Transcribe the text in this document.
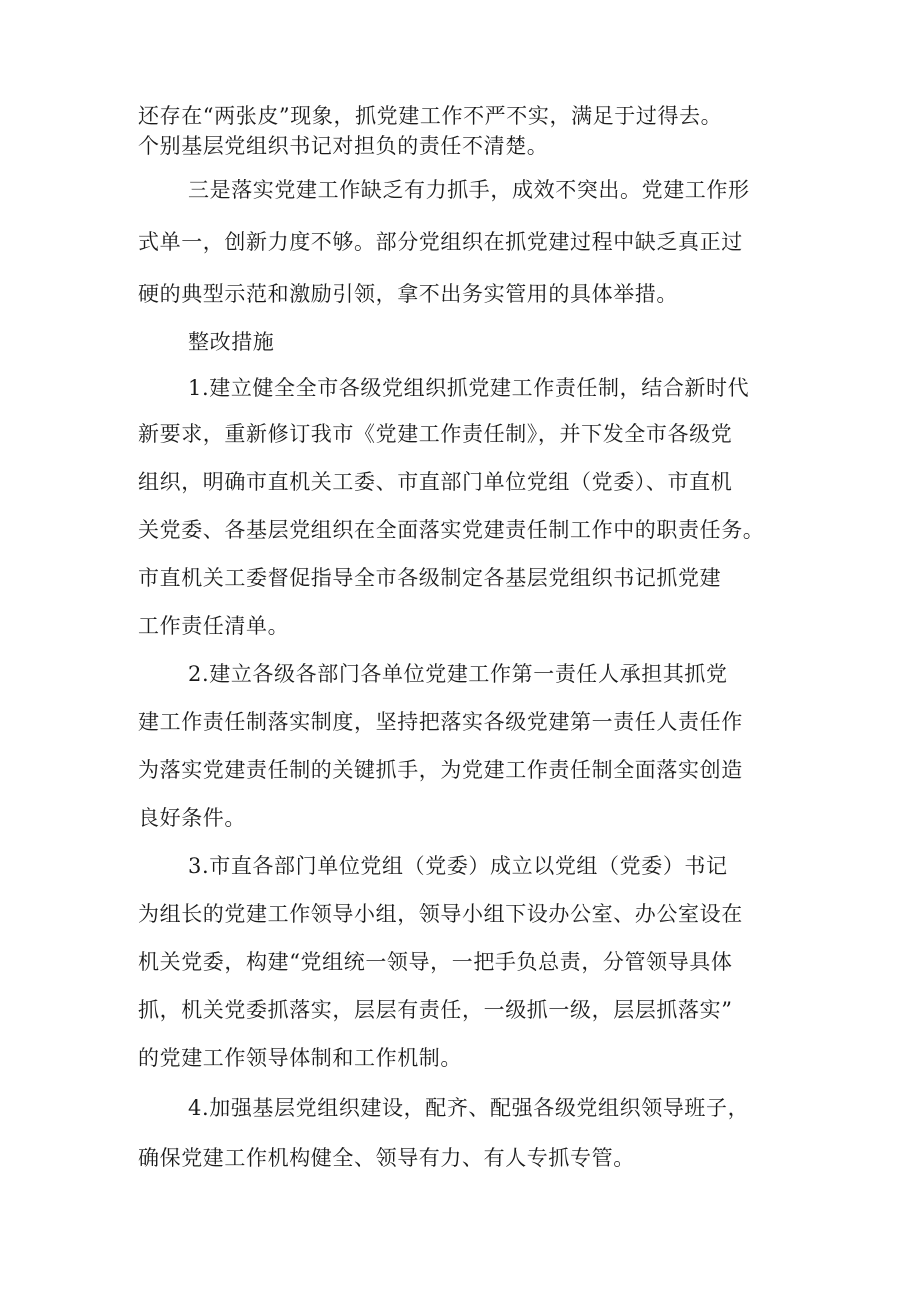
还存在“两张皮”现象，抓党建工作不严不实，满足于过得去。
个别基层党组织书记对担负的责任不清楚。
三是落实党建工作缺乏有力抓手，成效不突出。党建工作形
式单一，创新力度不够。部分党组织在抓党建过程中缺乏真正过
硬的典型示范和激励引领，拿不出务实管用的具体举措。
整改措施
1.建立健全全市各级党组织抓党建工作责任制，结合新时代
新要求，重新修订我市《党建工作责任制》，并下发全市各级党
组织，明确市直机关工委、市直部门单位党组（党委）、市直机
关党委、各基层党组织在全面落实党建责任制工作中的职责任务。
市直机关工委督促指导全市各级制定各基层党组织书记抓党建
工作责任清单。
2.建立各级各部门各单位党建工作第一责任人承担其抓党
建工作责任制落实制度，坚持把落实各级党建第一责任人责任作
为落实党建责任制的关键抓手，为党建工作责任制全面落实创造
良好条件。
3.市直各部门单位党组（党委）成立以党组（党委）书记
为组长的党建工作领导小组，领导小组下设办公室、办公室设在
机关党委，构建“党组统一领导，一把手负总责，分管领导具体
抓，机关党委抓落实，层层有责任，一级抓一级，层层抓落实”
的党建工作领导体制和工作机制。
4.加强基层党组织建设，配齐、配强各级党组织领导班子，
确保党建工作机构健全、领导有力、有人专抓专管。
